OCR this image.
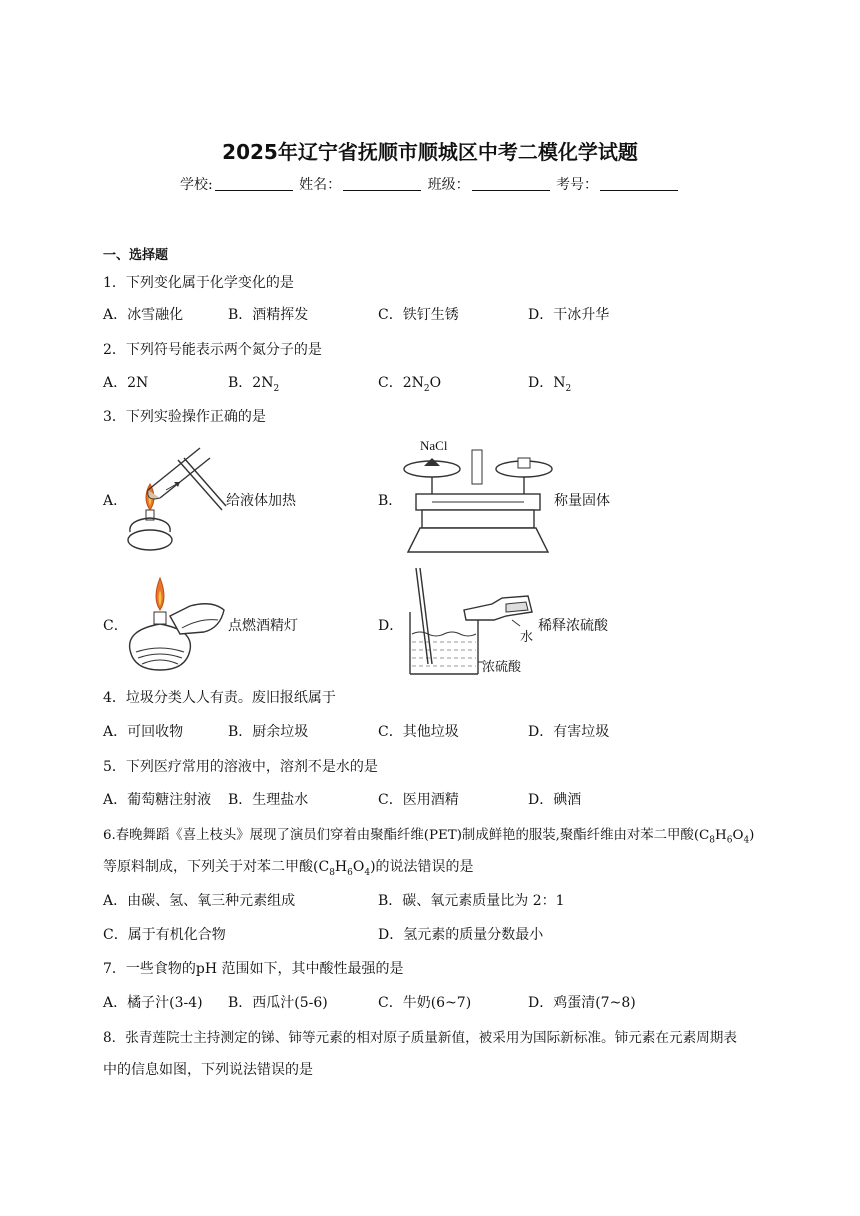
2025年辽宁省抚顺市顺城区中考二模化学试题
学校:	姓名：	班级：	考号：
一、选择题
1．下列变化属于化学变化的是
A．冰雪融化	B．酒精挥发	C．铁钉生锈	D．干冰升华
2．下列符号能表示两个氮分子的是
A．2N	B．$2N_2$	C．$2N_2O$	D．$N_2$
3．下列实验操作正确的是
A．	给液体加热	B．
NaCl
称量固体
C．	点燃酒精灯	D．	稀释浓硫酸
水
浓硫酸
4．垃圾分类人人有责。废旧报纸属于
A．可回收物	B．厨余垃圾	C．其他垃圾	D．有害垃圾
5．下列医疗常用的溶液中，溶剂不是水的是
A．葡萄糖注射液 B．生理盐水	C．医用酒精	D．碘酒
6.春晚舞蹈《喜上枝头》展现了演员们穿着由聚酯纤维(PET)制成鲜艳的服装,聚酯纤维由对苯二甲酸$(C_8H_6O_4)$
等原料制成，下列关于对苯二甲酸$(C_8H_6O_4)$的说法错误的是
A．由碳、氢、氧三种元素组成	B．碳、氧元素质量比为 2：1
C．属于有机化合物	D．氢元素的质量分数最小
7．一些食物的pH 范围如下，其中酸性最强的是
A．橘子汁(3-4) B．西瓜汁(5-6)	C．牛奶(6~7)	D．鸡蛋清(7~8)
8．张青莲院士主持测定的锑、铈等元素的相对原子质量新值，被采用为国际新标准。铈元素在元素周期表
中的信息如图，下列说法错误的是
